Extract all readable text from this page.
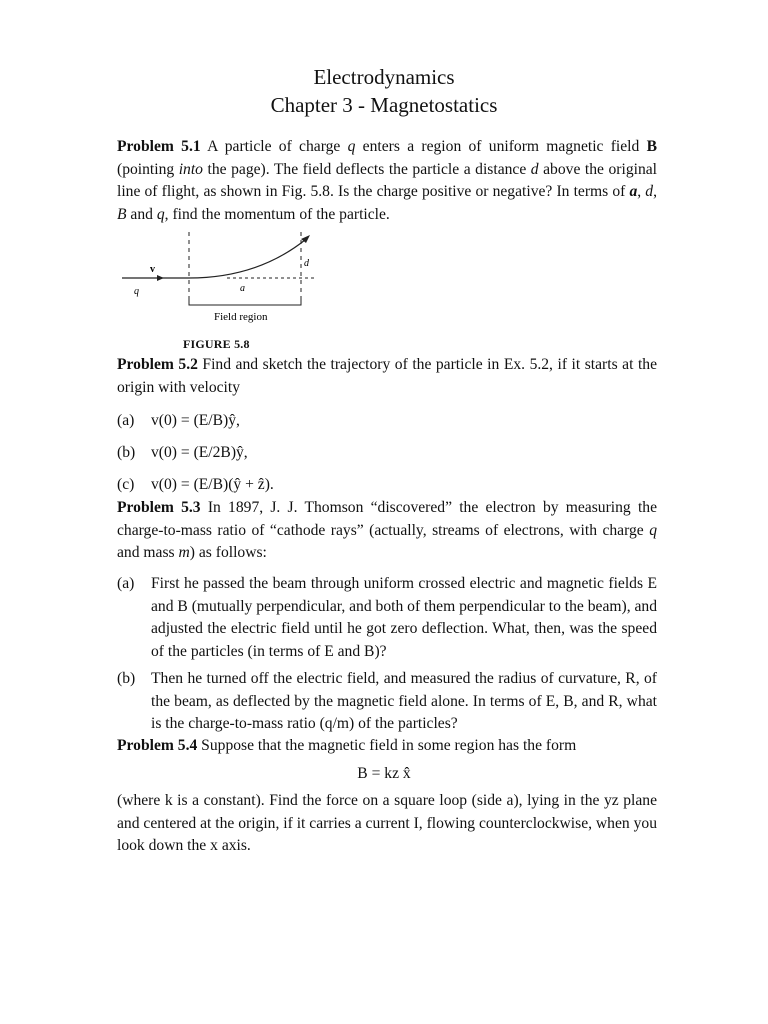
Electrodynamics
Chapter 3 - Magnetostatics
Problem 5.1 A particle of charge q enters a region of uniform magnetic field B (pointing into the page). The field deflects the particle a distance d above the original line of flight, as shown in Fig. 5.8. Is the charge positive or negative? In terms of a, d, B and q, find the momentum of the particle.
v
q	a
d
Field region
FIGURE 5.8
Problem 5.2 Find and sketch the trajectory of the particle in Ex. 5.2, if it starts at the origin with velocity
(a) v(0) = (E/B)ŷ,
(b) v(0) = (E/2B)ŷ,
(c) v(0) = (E/B)(ŷ + ẑ).
Problem 5.3 In 1897, J. J. Thomson “discovered” the electron by measuring the charge-to-mass ratio of “cathode rays” (actually, streams of electrons, with charge q and mass m) as follows:
(a) First he passed the beam through uniform crossed electric and magnetic fields E and B (mutually perpendicular, and both of them perpendicular to the beam), and adjusted the electric field until he got zero deflection. What, then, was the speed of the particles (in terms of E and B)?
(b) Then he turned off the electric field, and measured the radius of curvature, R, of the beam, as deflected by the magnetic field alone. In terms of E, B, and R, what is the charge-to-mass ratio (q/m) of the particles?
Problem 5.4 Suppose that the magnetic field in some region has the form
B = kz x̂
(where k is a constant). Find the force on a square loop (side a), lying in the yz plane and centered at the origin, if it carries a current I, flowing counterclockwise, when you look down the x axis.
